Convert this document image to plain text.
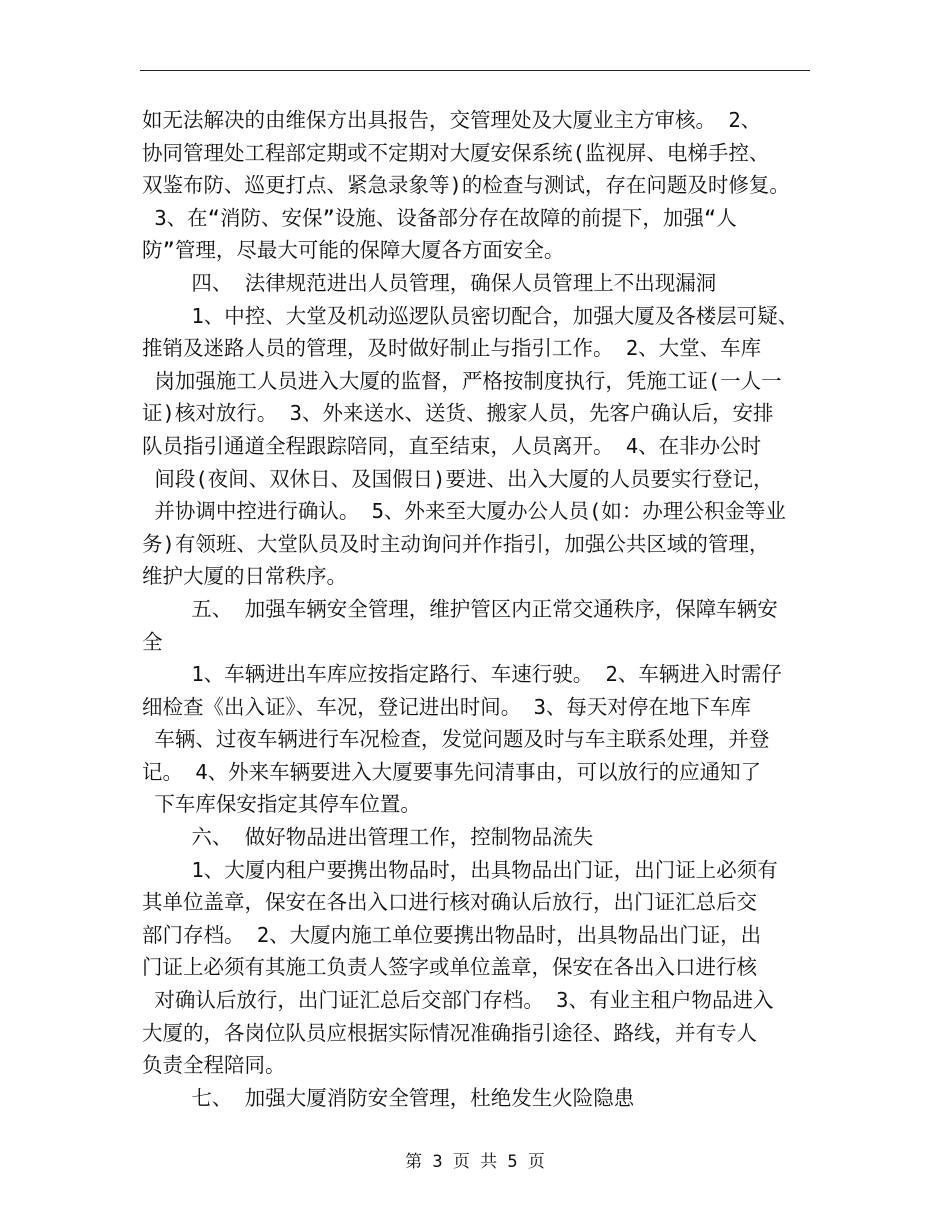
如无法解决的由维保方出具报告，交管理处及大厦业主方审核。 2、
协同管理处工程部定期或不定期对大厦安保系统(监视屏、电梯手控、
双鉴布防、巡更打点、紧急录象等)的检查与测试，存在问题及时修复。
3、在“消防、安保”设施、设备部分存在故障的前提下，加强“人
防”管理，尽最大可能的保障大厦各方面安全。
四、 法律规范进出人员管理，确保人员管理上不出现漏洞
1、中控、大堂及机动巡逻队员密切配合，加强大厦及各楼层可疑、
推销及迷路人员的管理，及时做好制止与指引工作。 2、大堂、车库
岗加强施工人员进入大厦的监督，严格按制度执行，凭施工证(一人一
证)核对放行。 3、外来送水、送货、搬家人员，先客户确认后，安排
队员指引通道全程跟踪陪同，直至结束，人员离开。 4、在非办公时
间段(夜间、双休日、及国假日)要进、出入大厦的人员要实行登记，
并协调中控进行确认。 5、外来至大厦办公人员(如：办理公积金等业
务)有领班、大堂队员及时主动询问并作指引，加强公共区域的管理，
维护大厦的日常秩序。
五、 加强车辆安全管理，维护管区内正常交通秩序，保障车辆安
全
1、车辆进出车库应按指定路行、车速行驶。 2、车辆进入时需仔
细检查《出入证》、车况，登记进出时间。 3、每天对停在地下车库
车辆、过夜车辆进行车况检查，发觉问题及时与车主联系处理，并登
记。 4、外来车辆要进入大厦要事先问清事由，可以放行的应通知了
下车库保安指定其停车位置。
六、 做好物品进出管理工作，控制物品流失
1、大厦内租户要携出物品时，出具物品出门证，出门证上必须有
其单位盖章，保安在各出入口进行核对确认后放行，出门证汇总后交
部门存档。 2、大厦内施工单位要携出物品时，出具物品出门证，出
门证上必须有其施工负责人签字或单位盖章，保安在各出入口进行核
对确认后放行，出门证汇总后交部门存档。 3、有业主租户物品进入
大厦的，各岗位队员应根据实际情况准确指引途径、路线，并有专人
负责全程陪同。
七、 加强大厦消防安全管理，杜绝发生火险隐患
第 3 页 共 5 页
